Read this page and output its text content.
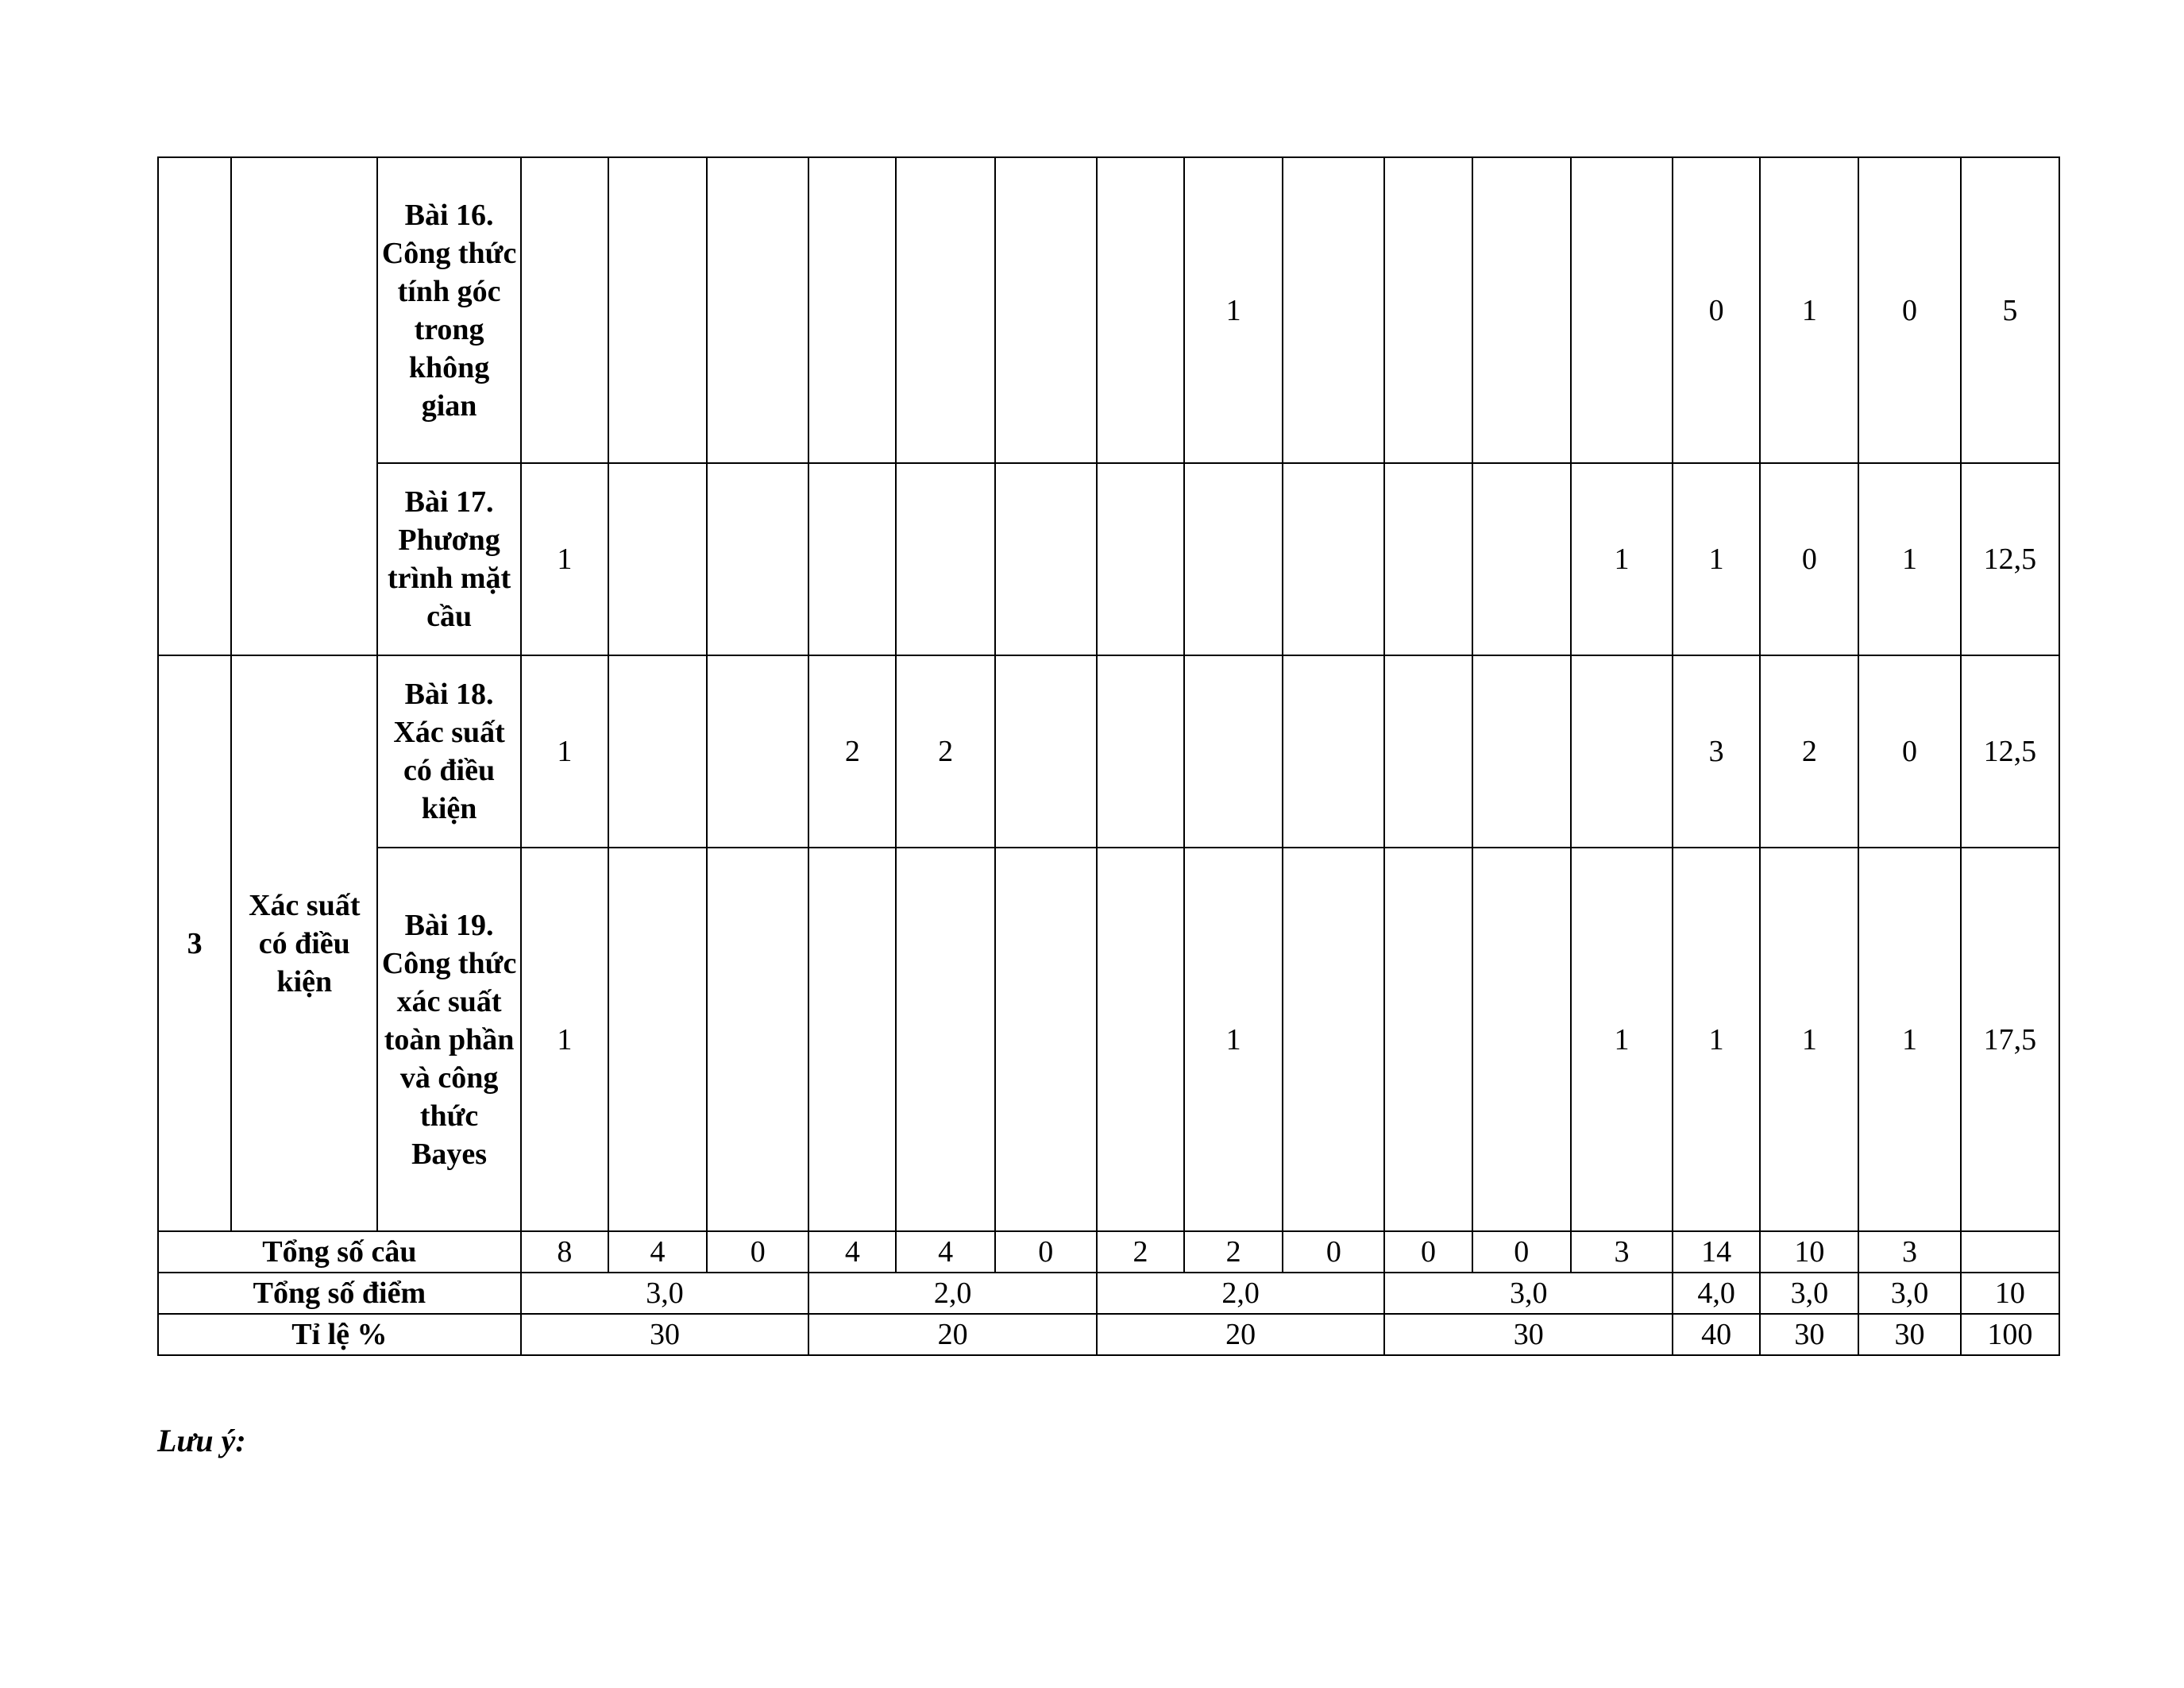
		Bài 16. Công thức tính góc trong không gian								1					0	1	0	5
		Bài 17. Phương trình mặt cầu	1											1	1	0	1	12,5
3	Xác suất có điều kiện	Bài 18. Xác suất có điều kiện	1			2	2								3	2	0	12,5
		Bài 19. Công thức xác suất toàn phần và công thức Bayes	1							1				1	1	1	1	17,5
Tổng số câu			8	4	0	4	4	0	2	2	0	0	0	3	14	10	3	
Tổng số điểm			3,0			2,0			2,0			3,0			4,0	3,0	3,0	10
Tỉ lệ %			30			20			20			30			40	30	30	100
Lưu ý:
